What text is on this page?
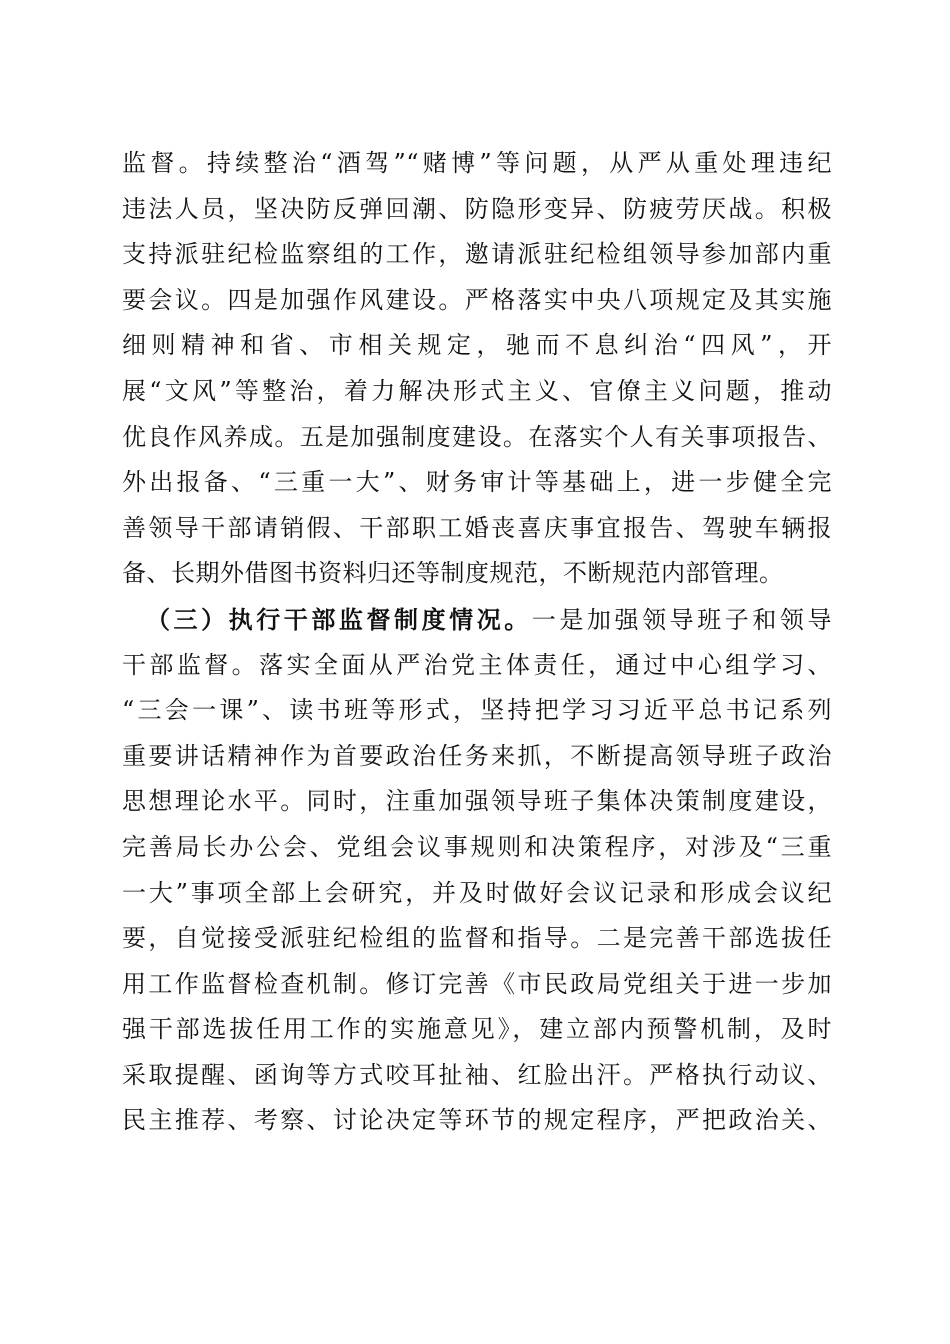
监督。持续整治“酒驾”“赌博”等问题，从严从重处理违纪
违法人员，坚决防反弹回潮、防隐形变异、防疲劳厌战。积极
支持派驻纪检监察组的工作，邀请派驻纪检组领导参加部内重
要会议。四是加强作风建设。严格落实中央八项规定及其实施
细则精神和省、市相关规定，驰而不息纠治“四风”，开
展“文风”等整治，着力解决形式主义、官僚主义问题，推动
优良作风养成。五是加强制度建设。在落实个人有关事项报告、
外出报备、“三重一大”、财务审计等基础上，进一步健全完
善领导干部请销假、干部职工婚丧喜庆事宜报告、驾驶车辆报
备、长期外借图书资料归还等制度规范，不断规范内部管理。
（三）执行干部监督制度情况。一是加强领导班子和领导
干部监督。落实全面从严治党主体责任，通过中心组学习、
“三会一课”、读书班等形式，坚持把学习习近平总书记系列
重要讲话精神作为首要政治任务来抓，不断提高领导班子政治
思想理论水平。同时，注重加强领导班子集体决策制度建设，
完善局长办公会、党组会议事规则和决策程序，对涉及“三重
一大”事项全部上会研究，并及时做好会议记录和形成会议纪
要，自觉接受派驻纪检组的监督和指导。二是完善干部选拔任
用工作监督检查机制。修订完善《市民政局党组关于进一步加
强干部选拔任用工作的实施意见》，建立部内预警机制，及时
采取提醒、函询等方式咬耳扯袖、红脸出汗。严格执行动议、
民主推荐、考察、讨论决定等环节的规定程序，严把政治关、
